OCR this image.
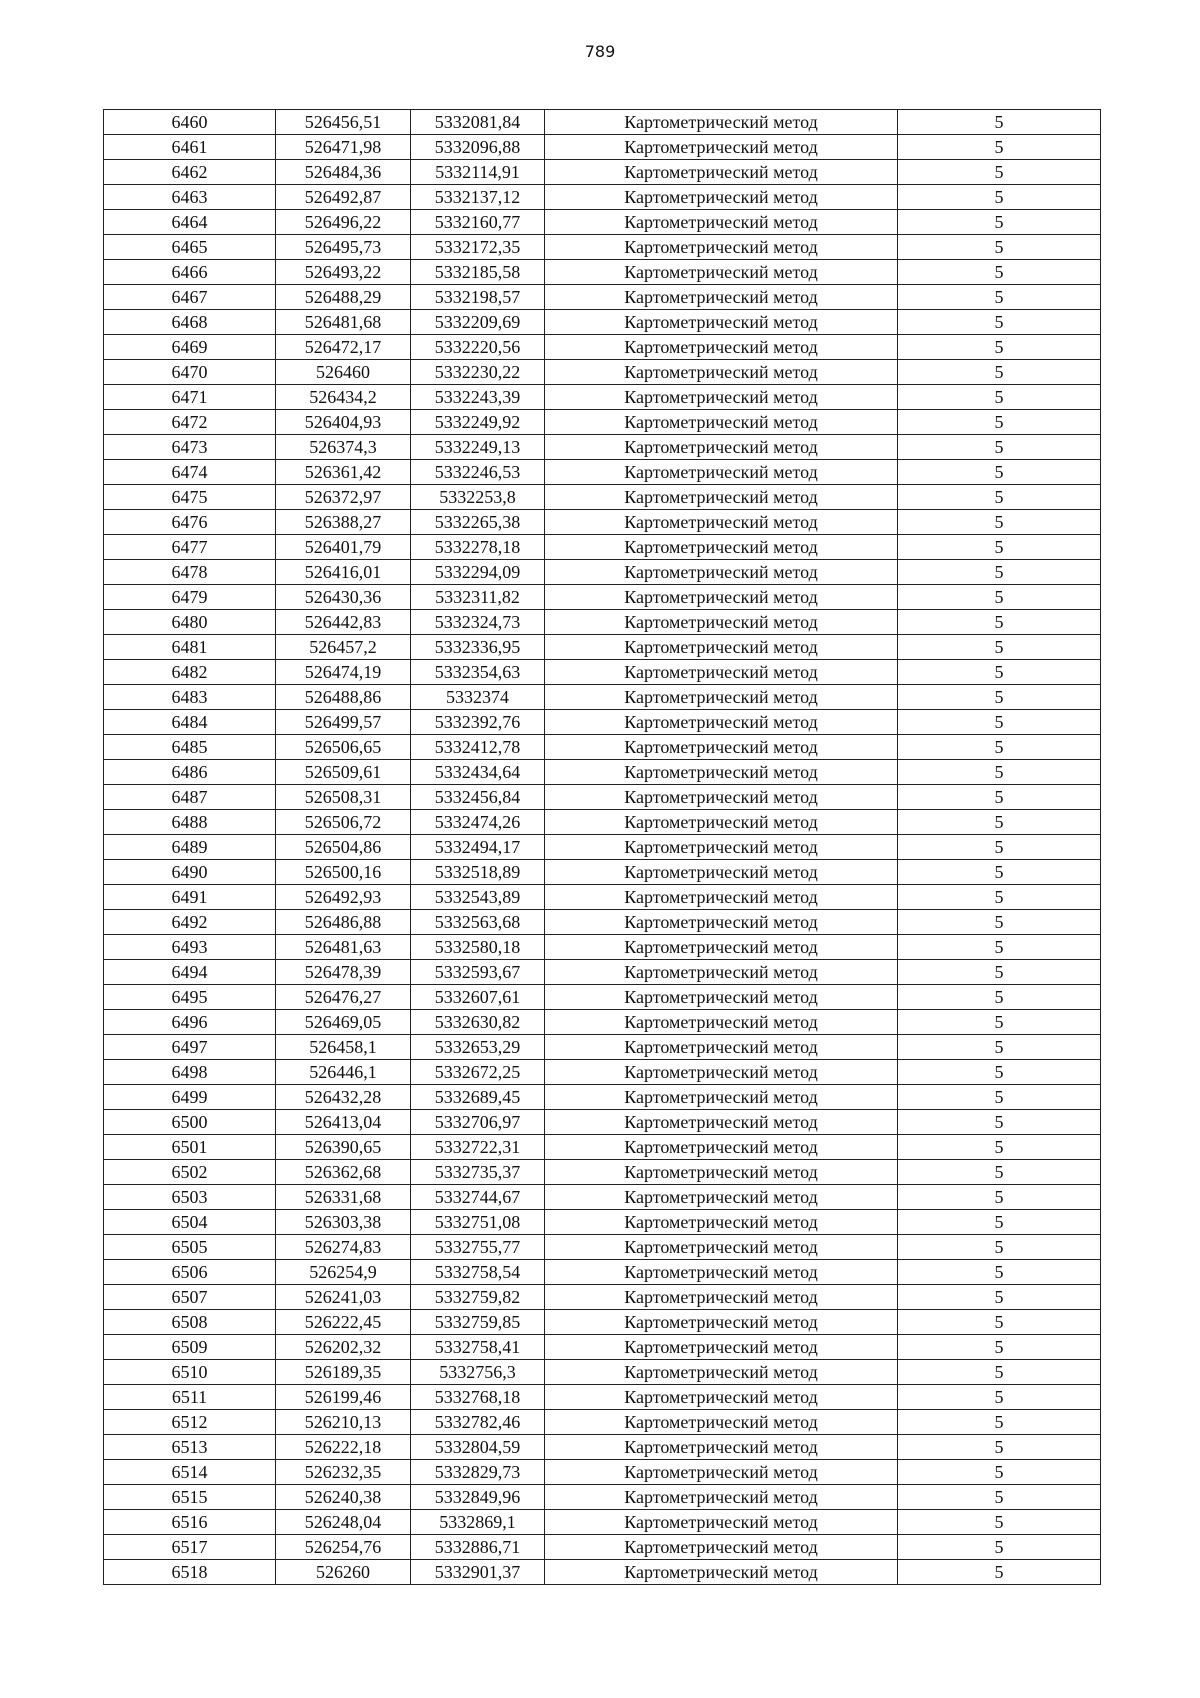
789
6460	526456,51	5332081,84	Картометрический метод	5
6461	526471,98	5332096,88	Картометрический метод	5
6462	526484,36	5332114,91	Картометрический метод	5
6463	526492,87	5332137,12	Картометрический метод	5
6464	526496,22	5332160,77	Картометрический метод	5
6465	526495,73	5332172,35	Картометрический метод	5
6466	526493,22	5332185,58	Картометрический метод	5
6467	526488,29	5332198,57	Картометрический метод	5
6468	526481,68	5332209,69	Картометрический метод	5
6469	526472,17	5332220,56	Картометрический метод	5
6470	526460	5332230,22	Картометрический метод	5
6471	526434,2	5332243,39	Картометрический метод	5
6472	526404,93	5332249,92	Картометрический метод	5
6473	526374,3	5332249,13	Картометрический метод	5
6474	526361,42	5332246,53	Картометрический метод	5
6475	526372,97	5332253,8	Картометрический метод	5
6476	526388,27	5332265,38	Картометрический метод	5
6477	526401,79	5332278,18	Картометрический метод	5
6478	526416,01	5332294,09	Картометрический метод	5
6479	526430,36	5332311,82	Картометрический метод	5
6480	526442,83	5332324,73	Картометрический метод	5
6481	526457,2	5332336,95	Картометрический метод	5
6482	526474,19	5332354,63	Картометрический метод	5
6483	526488,86	5332374	Картометрический метод	5
6484	526499,57	5332392,76	Картометрический метод	5
6485	526506,65	5332412,78	Картометрический метод	5
6486	526509,61	5332434,64	Картометрический метод	5
6487	526508,31	5332456,84	Картометрический метод	5
6488	526506,72	5332474,26	Картометрический метод	5
6489	526504,86	5332494,17	Картометрический метод	5
6490	526500,16	5332518,89	Картометрический метод	5
6491	526492,93	5332543,89	Картометрический метод	5
6492	526486,88	5332563,68	Картометрический метод	5
6493	526481,63	5332580,18	Картометрический метод	5
6494	526478,39	5332593,67	Картометрический метод	5
6495	526476,27	5332607,61	Картометрический метод	5
6496	526469,05	5332630,82	Картометрический метод	5
6497	526458,1	5332653,29	Картометрический метод	5
6498	526446,1	5332672,25	Картометрический метод	5
6499	526432,28	5332689,45	Картометрический метод	5
6500	526413,04	5332706,97	Картометрический метод	5
6501	526390,65	5332722,31	Картометрический метод	5
6502	526362,68	5332735,37	Картометрический метод	5
6503	526331,68	5332744,67	Картометрический метод	5
6504	526303,38	5332751,08	Картометрический метод	5
6505	526274,83	5332755,77	Картометрический метод	5
6506	526254,9	5332758,54	Картометрический метод	5
6507	526241,03	5332759,82	Картометрический метод	5
6508	526222,45	5332759,85	Картометрический метод	5
6509	526202,32	5332758,41	Картометрический метод	5
6510	526189,35	5332756,3	Картометрический метод	5
6511	526199,46	5332768,18	Картометрический метод	5
6512	526210,13	5332782,46	Картометрический метод	5
6513	526222,18	5332804,59	Картометрический метод	5
6514	526232,35	5332829,73	Картометрический метод	5
6515	526240,38	5332849,96	Картометрический метод	5
6516	526248,04	5332869,1	Картометрический метод	5
6517	526254,76	5332886,71	Картометрический метод	5
6518	526260	5332901,37	Картометрический метод	5
